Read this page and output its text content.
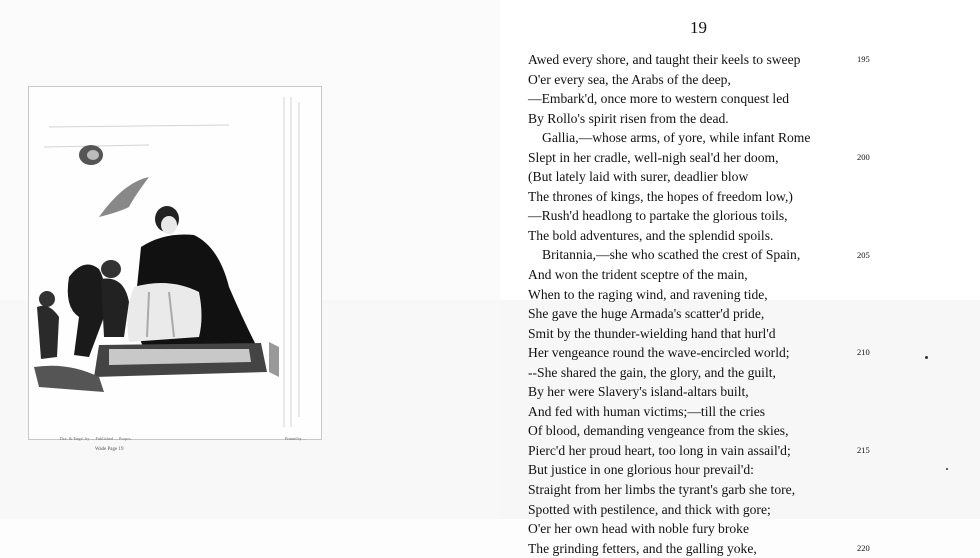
Dra. & Engd. by ... Published ... Proprs.	Printed by ...
Wade Page 19
19
Awed every shore, and taught their keels to sweep
O'er every sea, the Arabs of the deep,
—Embark'd, once more to western conquest led
By Rollo's spirit risen from the dead.
Gallia,—whose arms, of yore, while infant Rome
Slept in her cradle, well-nigh seal'd her doom,
(But lately laid with surer, deadlier blow
The thrones of kings, the hopes of freedom low,)
—Rush'd headlong to partake the glorious toils,
The bold adventures, and the splendid spoils.
Britannia,—she who scathed the crest of Spain,
And won the trident sceptre of the main,
When to the raging wind, and ravening tide,
She gave the huge Armada's scatter'd pride,
Smit by the thunder-wielding hand that hurl'd
Her vengeance round the wave-encircled world;
--She shared the gain, the glory, and the guilt,
By her were Slavery's island-altars built,
And fed with human victims;—till the cries
Of blood, demanding vengeance from the skies,
Pierc'd her proud heart, too long in vain assail'd;
But justice in one glorious hour prevail'd:
Straight from her limbs the tyrant's garb she tore,
Spotted with pestilence, and thick with gore;
O'er her own head with noble fury broke
The grinding fetters, and the galling yoke,
195
200
205
210
215
220
